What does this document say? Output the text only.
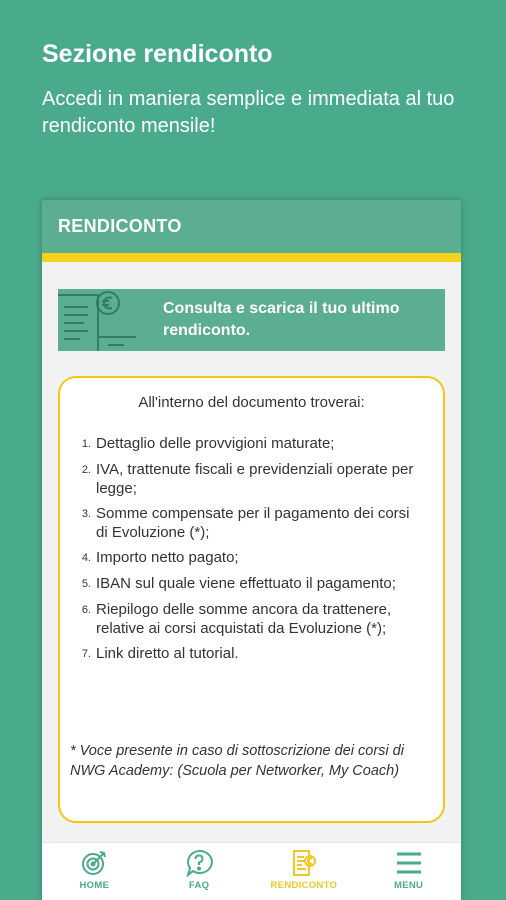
Sezione rendiconto
Accedi in maniera semplice e immediata al tuo rendiconto mensile!
RENDICONTO
Consulta e scarica il tuo ultimo rendiconto.
All'interno del documento troverai:
1. Dettaglio delle provvigioni maturate;
2. IVA, trattenute fiscali e previdenziali operate per legge;
3. Somme compensate per il pagamento dei corsi di Evoluzione (*);
4. Importo netto pagato;
5. IBAN sul quale viene effettuato il pagamento;
6. Riepilogo delle somme ancora da trattenere, relative ai corsi acquistati da Evoluzione (*);
7. Link diretto al tutorial.
* Voce presente in caso di sottoscrizione dei corsi di NWG Academy: (Scuola per Networker, My Coach)
HOME	FAQ	RENDICONTO	MENU
